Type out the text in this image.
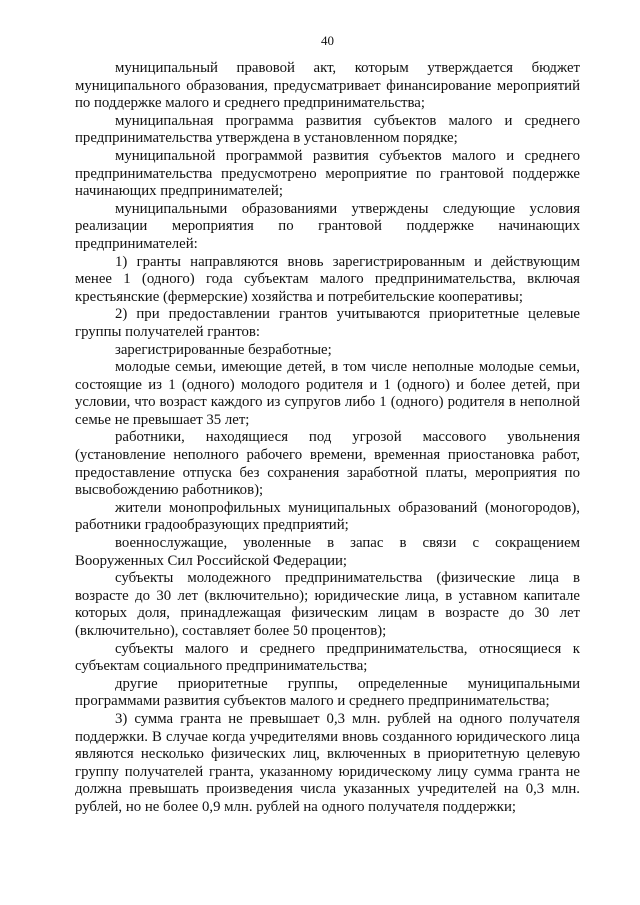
40

муниципальный правовой акт, которым утверждается бюджет муниципального образования, предусматривает финансирование мероприятий по поддержке малого и среднего предпринимательства;

муниципальная программа развития субъектов малого и среднего предпринимательства утверждена в установленном порядке;

муниципальной программой развития субъектов малого и среднего предпринимательства предусмотрено мероприятие по грантовой поддержке начинающих предпринимателей;

муниципальными образованиями утверждены следующие условия реализации мероприятия по грантовой поддержке начинающих предпринимателей:

1) гранты направляются вновь зарегистрированным и действующим менее 1 (одного) года субъектам малого предпринимательства, включая крестьянские (фермерские) хозяйства и потребительские кооперативы;

2) при предоставлении грантов учитываются приоритетные целевые группы получателей грантов:

зарегистрированные безработные;

молодые семьи, имеющие детей, в том числе неполные молодые семьи, состоящие из 1 (одного) молодого родителя и 1 (одного) и более детей, при условии, что возраст каждого из супругов либо 1 (одного) родителя в неполной семье не превышает 35 лет;

работники, находящиеся под угрозой массового увольнения (установление неполного рабочего времени, временная приостановка работ, предоставление отпуска без сохранения заработной платы, мероприятия по высвобождению работников);

жители монопрофильных муниципальных образований (моногородов), работники градообразующих предприятий;

военнослужащие, уволенные в запас в связи с сокращением Вооруженных Сил Российской Федерации;

субъекты молодежного предпринимательства (физические лица в возрасте до 30 лет (включительно); юридические лица, в уставном капитале которых доля, принадлежащая физическим лицам в возрасте до 30 лет (включительно), составляет более 50 процентов);

субъекты малого и среднего предпринимательства, относящиеся к субъектам социального предпринимательства;

другие приоритетные группы, определенные муниципальными программами развития субъектов малого и среднего предпринимательства;

3) сумма гранта не превышает 0,3 млн. рублей на одного получателя поддержки. В случае когда учредителями вновь созданного юридического лица являются несколько физических лиц, включенных в приоритетную целевую группу получателей гранта, указанному юридическому лицу сумма гранта не должна превышать произведения числа указанных учредителей на 0,3 млн. рублей, но не более 0,9 млн. рублей на одного получателя поддержки;
